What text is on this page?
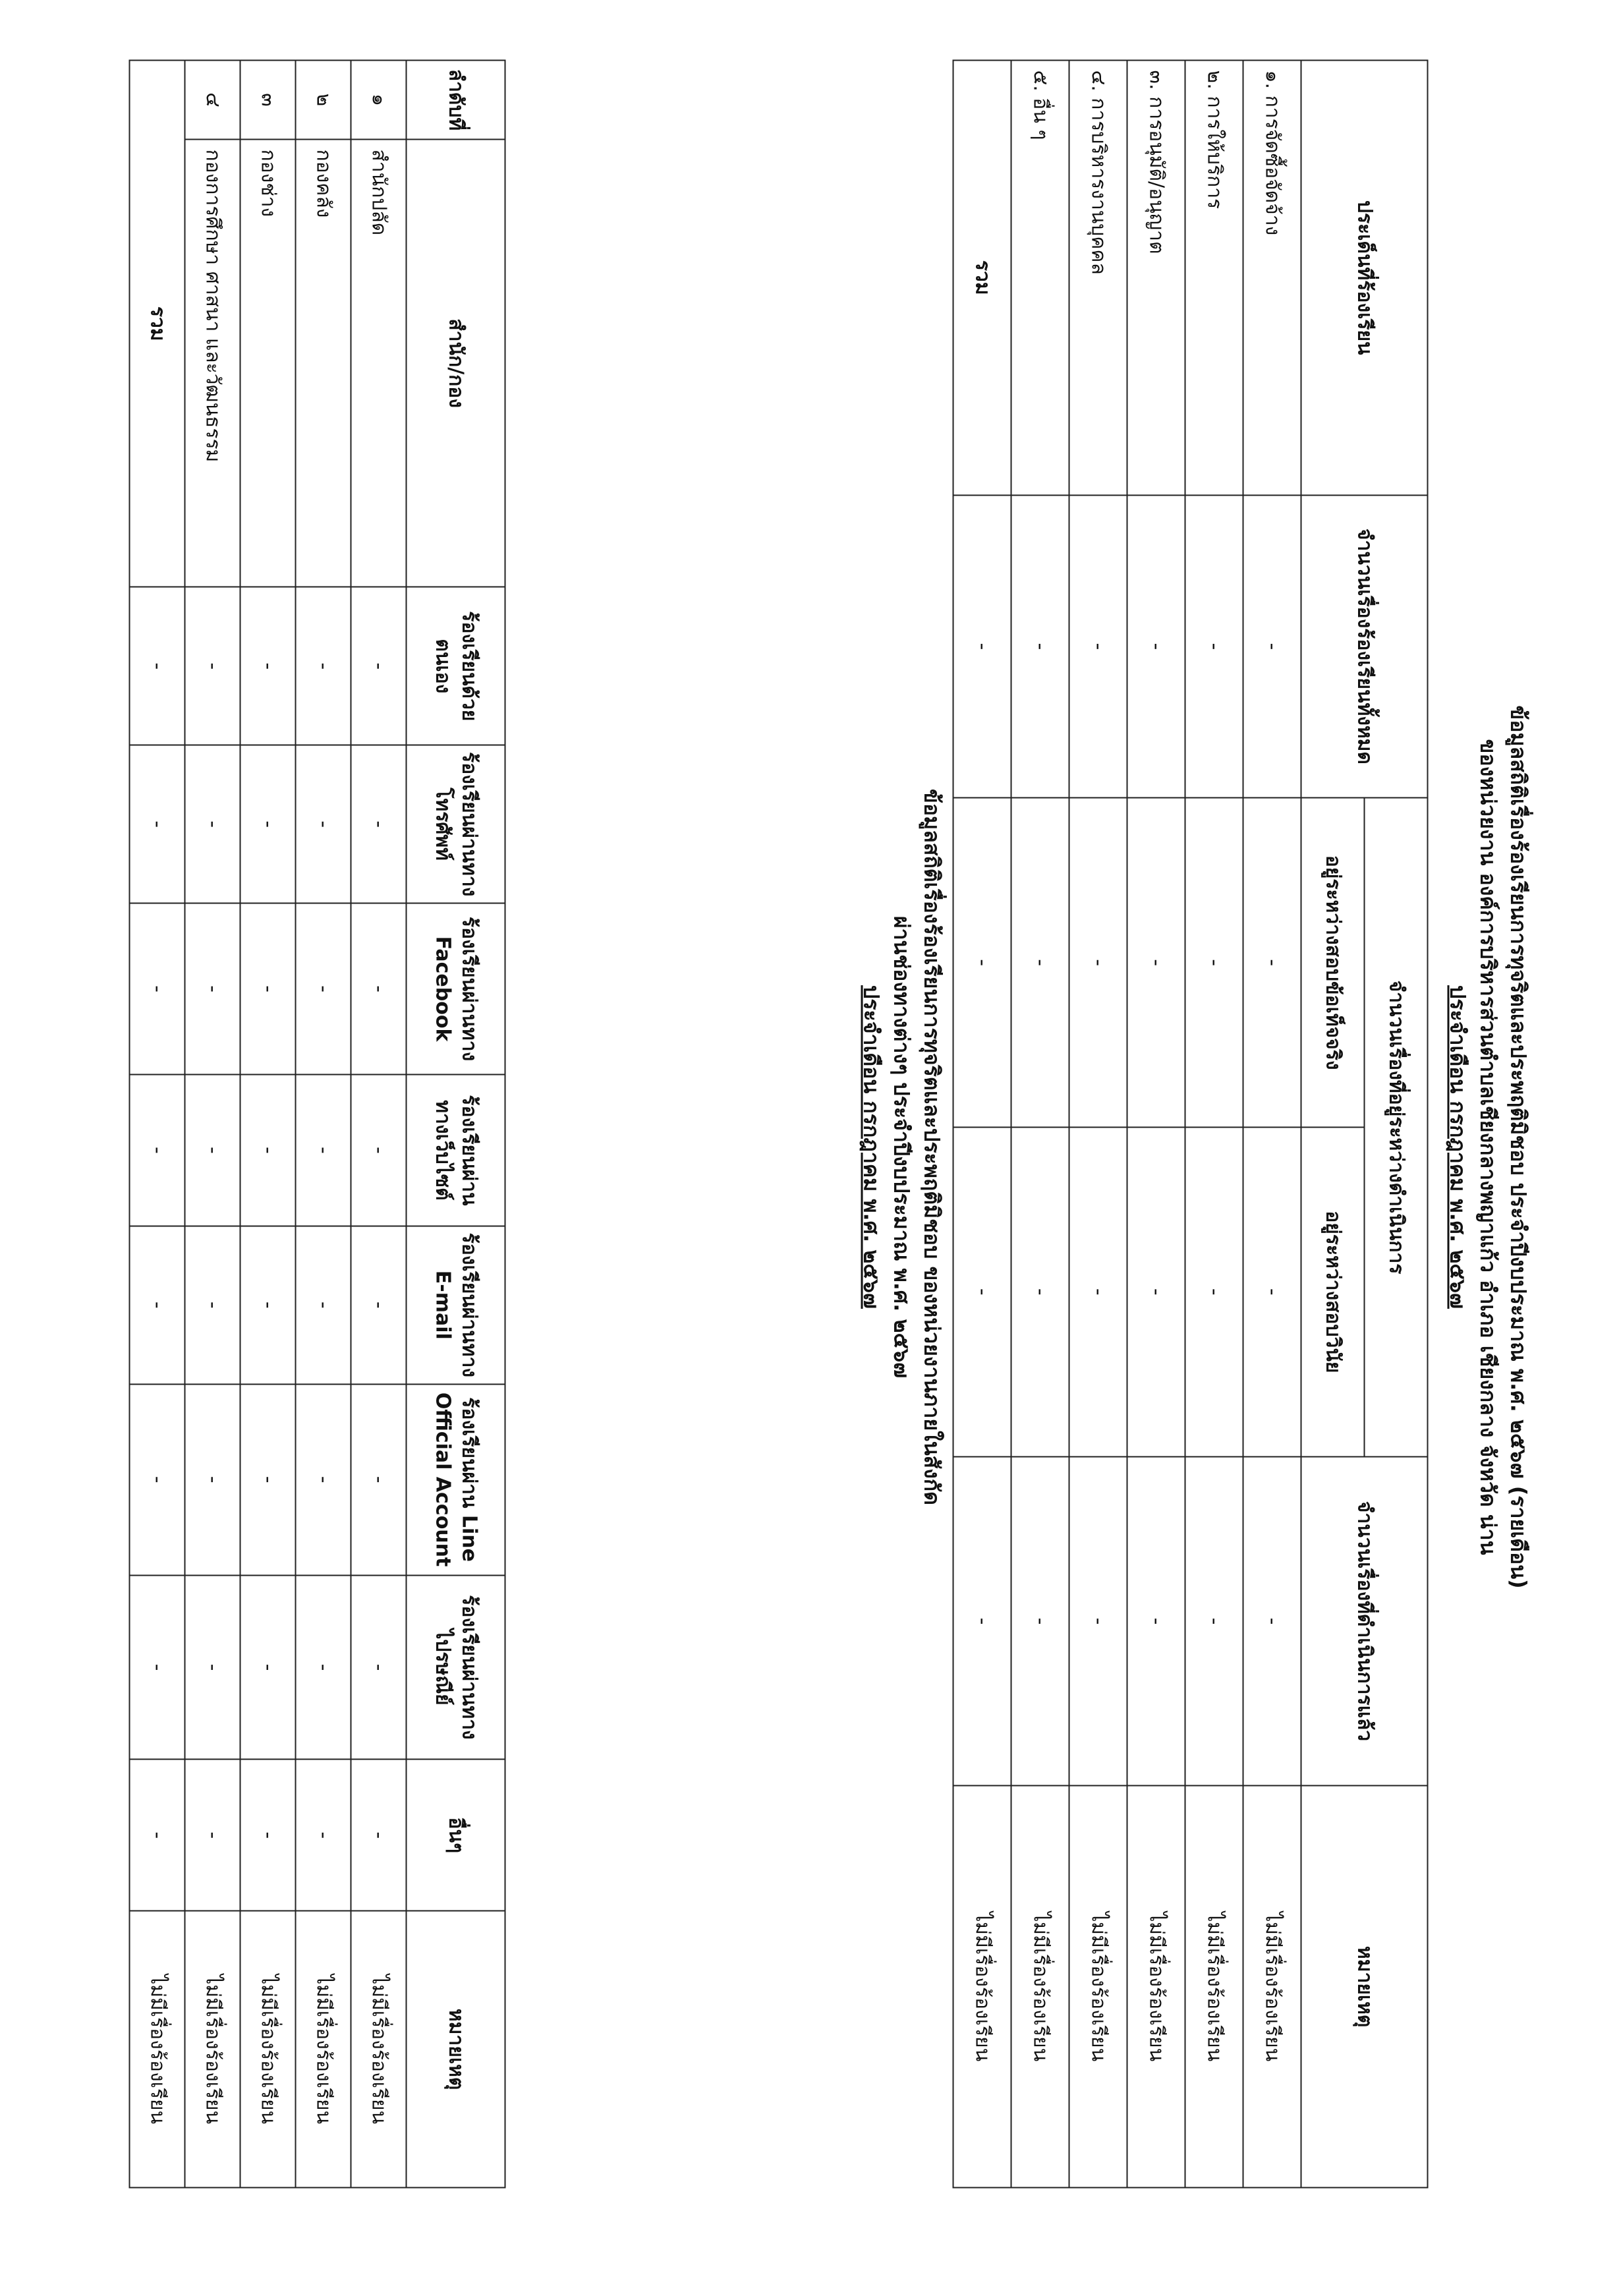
ข้อมูลสถิติเรื่องร้องเรียนการทุจริตและประพฤติมิชอบ ประจำปีงบประมาณ พ.ศ. ๒๕๖๗ (รายเดือน)
ของหน่วยงาน องค์การบริหารส่วนตำบลเชียงกลางพญาแก้ว อำเภอ เชียงกลาง จังหวัด น่าน
ประจำเดือน กรกฎาคม พ.ศ. ๒๕๖๗
ประเด็นที่ร้องเรียน	จำนวนเรื่องร้องเรียนทั้งหมด	จำนวนเรื่องที่อยู่ระหว่างดำเนินการ		จำนวนเรื่องที่ดำเนินการแล้ว	หมายเหตุ
		อยู่ระหว่างสอบข้อเท็จจริง	อยู่ระหว่างสอบวินัย		
๑. การจัดซื้อจัดจ้าง	-	-	-	-	ไม่มีเรื่องร้องเรียน
๒. การให้บริการ	-	-	-	-	ไม่มีเรื่องร้องเรียน
๓. การอนุมัติ/อนุญาต	-	-	-	-	ไม่มีเรื่องร้องเรียน
๔. การบริหารงานบุคคล	-	-	-	-	ไม่มีเรื่องร้องเรียน
๕. อื่น ๆ	-	-	-	-	ไม่มีเรื่องร้องเรียน
รวม	-	-	-	-	ไม่มีเรื่องร้องเรียน
ข้อมูลสถิติเรื่องร้องเรียนการทุจริตและประพฤติมิชอบ ของหน่วยงานภายในสังกัด
ผ่านช่องทางต่างๆ ประจำปีงบประมาณ พ.ศ. ๒๕๖๗
ประจำเดือน กรกฎาคม พ.ศ. ๒๕๖๗
ลำดับที่	สำนัก/กอง	ร้องเรียนด้วยตนเอง	ร้องเรียนผ่านทางโทรศัพท์	ร้องเรียนผ่านทาง Facebook	ร้องเรียนผ่านทางเว็บไซต์	ร้องเรียนผ่านทาง E-mail	ร้องเรียนผ่าน Line Official Account	ร้องเรียนผ่านทางไปรษณีย์	อื่นๆ	หมายเหตุ
๑	สำนักปลัด	-	-	-	-	-	-	-	-	ไม่มีเรื่องร้องเรียน
๒	กองคลัง	-	-	-	-	-	-	-	-	ไม่มีเรื่องร้องเรียน
๓	กองช่าง	-	-	-	-	-	-	-	-	ไม่มีเรื่องร้องเรียน
๔	กองการศึกษา ศาสนา และวัฒนธรรม	-	-	-	-	-	-	-	-	ไม่มีเรื่องร้องเรียน
รวม		-	-	-	-	-	-	-	-	ไม่มีเรื่องร้องเรียน
